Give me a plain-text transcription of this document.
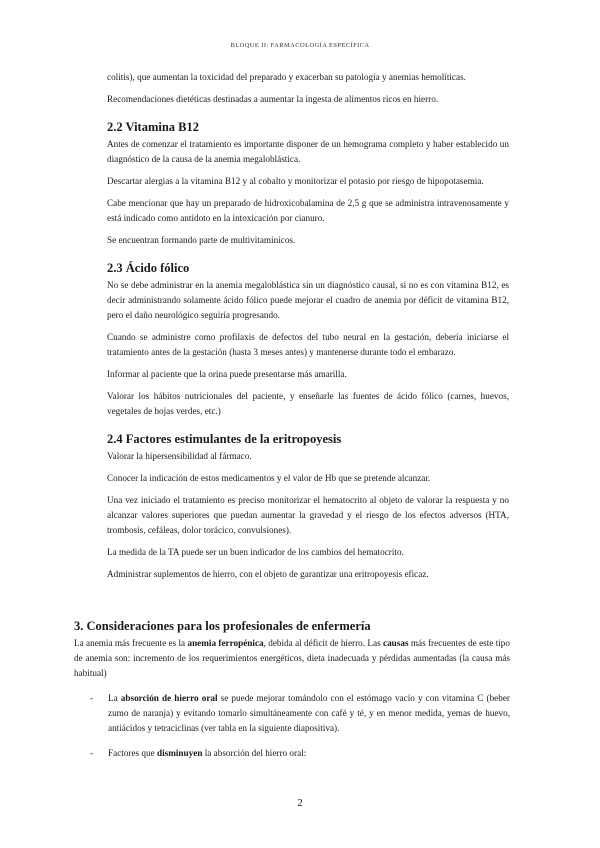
BLOQUE II: FARMACOLOGÍA ESPECÍFICA

colitis), que aumentan la toxicidad del preparado y exacerban su patología y anemias hemolíticas.

Recomendaciones dietéticas destinadas a aumentar la ingesta de alimentos ricos en hierro.

2.2 Vitamina B12

Antes de comenzar el tratamiento es importante disponer de un hemograma completo y haber establecido un diagnóstico de la causa de la anemia megaloblástica.

Descartar alergias a la vitamina B12 y al cobalto y monitorizar el potasio por riesgo de hipopotasemia.

Cabe mencionar que hay un preparado de hidroxicobalamina de 2,5 g que se administra intravenosamente y está indicado como antídoto en la intoxicación por cianuro.

Se encuentran formando parte de multivitamínicos.

2.3 Ácido fólico

No se debe administrar en la anemia megaloblástica sin un diagnóstico causal, si no es con vitamina B12, es decir administrando solamente ácido fólico puede mejorar el cuadro de anemia por déficit de vitamina B12, pero el daño neurológico seguiría progresando.

Cuando se administre como profilaxis de defectos del tubo neural en la gestación, debería iniciarse el tratamiento antes de la gestación (hasta 3 meses antes) y mantenerse durante todo el embarazo.

Informar al paciente que la orina puede presentarse más amarilla.

Valorar los hábitos nutricionales del paciente, y enseñarle las fuentes de ácido fólico (carnes, huevos, vegetales de hojas verdes, etc.)

2.4 Factores estimulantes de la eritropoyesis

Valorar la hipersensibilidad al fármaco.

Conocer la indicación de estos medicamentos y el valor de Hb que se pretende alcanzar.

Una vez iniciado el tratamiento es preciso monitorizar el hematocrito al objeto de valorar la respuesta y no alcanzar valores superiores que puedan aumentar la gravedad y el riesgo de los efectos adversos (HTA, trombosis, cefáleas, dolor torácico, convulsiones).

La medida de la TA puede ser un buen indicador de los cambios del hematocrito.

Administrar suplementos de hierro, con el objeto de garantizar una eritropoyesis eficaz.

3. Consideraciones para los profesionales de enfermería

La anemia más frecuente es la anemia ferropénica, debida al déficit de hierro. Las causas más frecuentes de este tipo de anemia son: incremento de los requerimientos energéticos, dieta inadecuada y pérdidas aumentadas (la causa más habitual)

- La absorción de hierro oral se puede mejorar tomándolo con el estómago vacío y con vitamina C (beber zumo de naranja) y evitando tomarlo simultáneamente con café y té, y en menor medida, yemas de huevo, antiácidos y tetraciclinas (ver tabla en la siguiente diapositiva).

- Factores que disminuyen la absorción del hierro oral:

2
